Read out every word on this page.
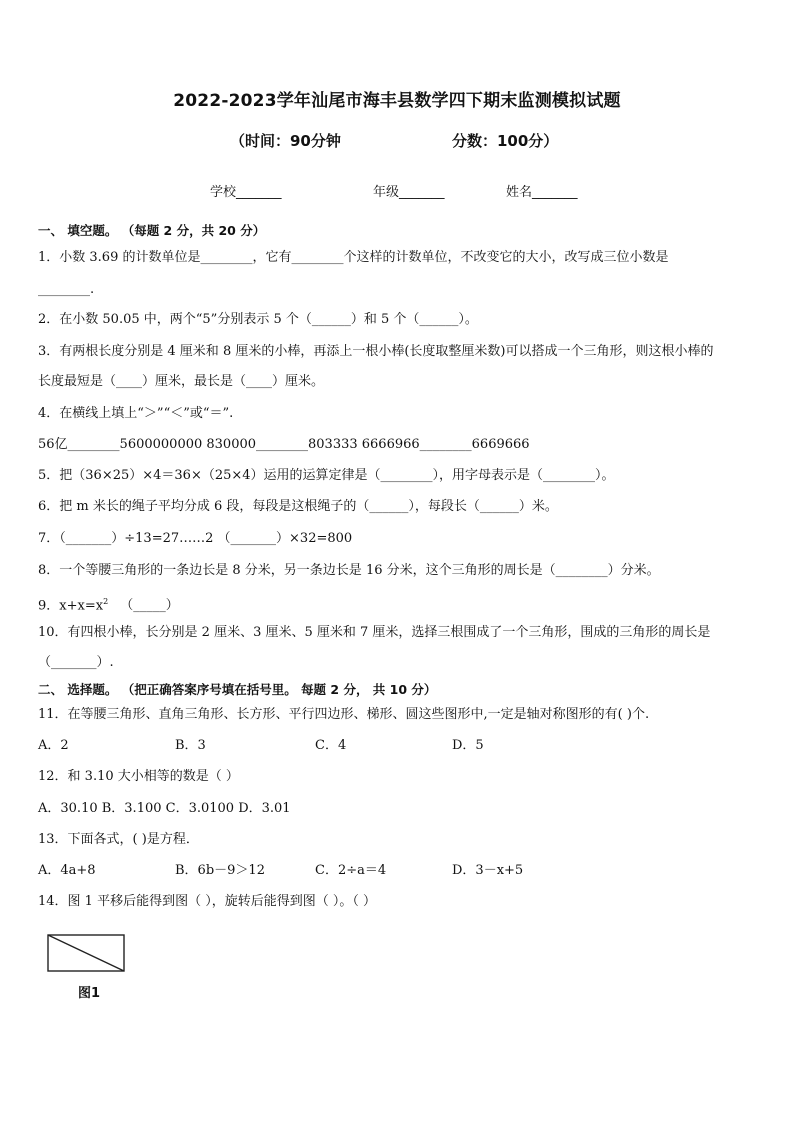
2022-2023学年汕尾市海丰县数学四下期末监测模拟试题
（时间：90分钟	分数：100分）
学校_______	年级_______	姓名_______
一、 填空题。 （每题 2 分，共 20 分）
1．小数 3.69 的计数单位是________，它有________个这样的计数单位，不改变它的大小，改写成三位小数是
________.
2．在小数 50.05 中，两个“5”分别表示 5 个（______）和 5 个（______）。
3．有两根长度分别是 4 厘米和 8 厘米的小棒，再添上一根小棒(长度取整厘米数)可以搭成一个三角形，则这根小棒的
长度最短是（____）厘米，最长是（____）厘米。
4．在横线上填上“＞”“＜”或“＝”.
56亿________5600000000 830000________803333 6666966________6669666
5．把（36×25）×4＝36×（25×4）运用的运算定律是（________），用字母表示是（________）。
6．把 m 米长的绳子平均分成 6 段，每段是这根绳子的（______），每段长（______）米。
7．（_______）÷13=27……2 （_______）×32=800
8．一个等腰三角形的一条边长是 8 分米，另一条边长是 16 分米，这个三角形的周长是（________）分米。
9．$x+x=x^2$ （_____）
10．有四根小棒，长分别是 2 厘米、3 厘米、5 厘米和 7 厘米，选择三根围成了一个三角形，围成的三角形的周长是
（_______）.
二、 选择题。 （把正确答案序号填在括号里。 每题 2 分， 共 10 分）
11．在等腰三角形、直角三角形、长方形、平行四边形、梯形、圆这些图形中,一定是轴对称图形的有( )个.
A．2	B．3	C．4	D．5
12．和 3.10 大小相等的数是（ ）
A．30.10 B．3.100 C．3.0100 D．3.01
13．下面各式，( )是方程．
A．4a+8	B．6b－9＞12	C．2÷a＝4	D．3－x+5
14．图 1 平移后能得到图（ ），旋转后能得到图（ ）。（ ）
图1
